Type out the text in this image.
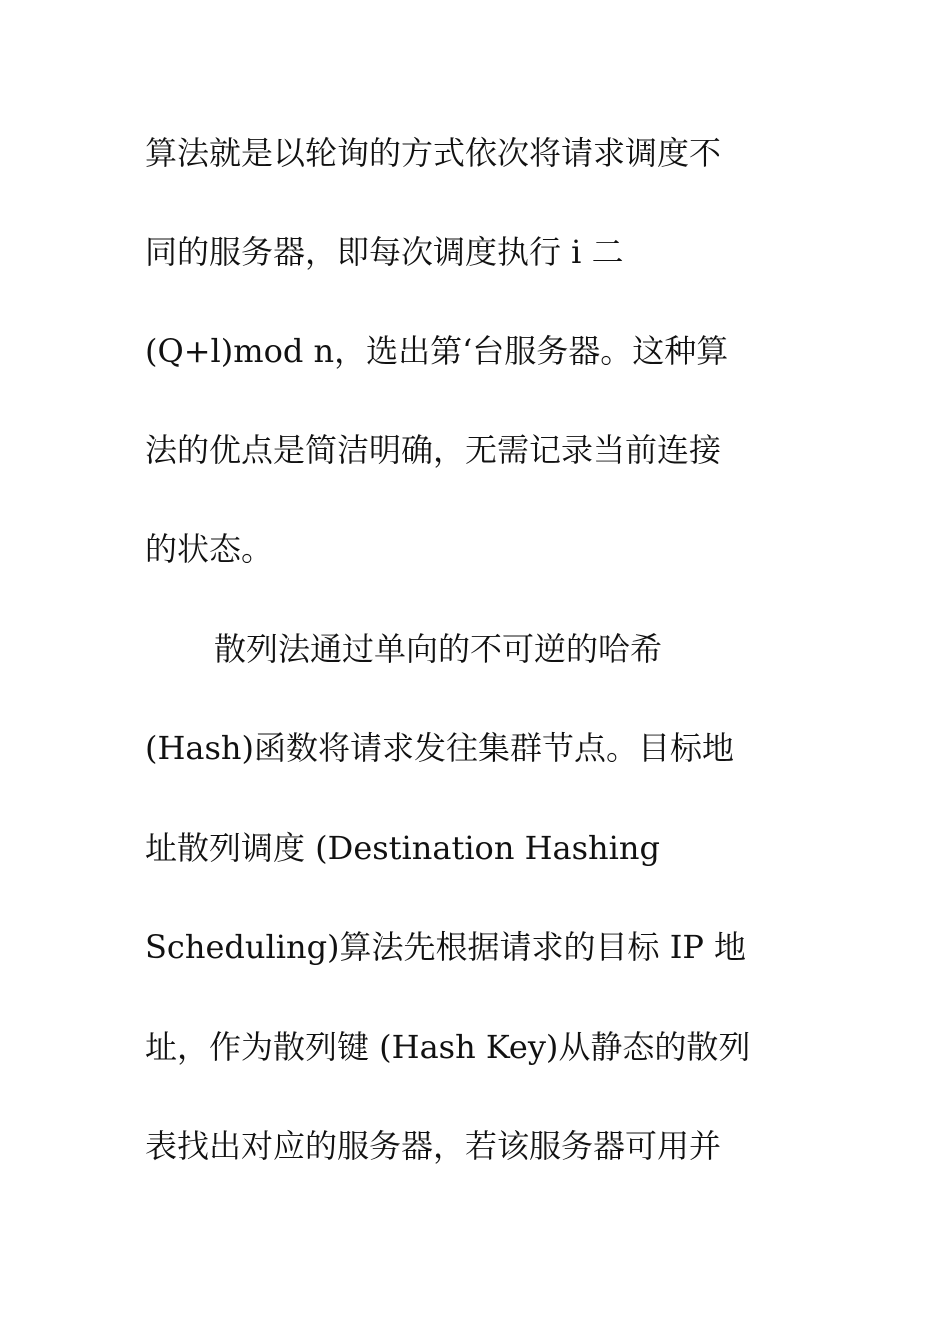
算法就是以轮询的方式依次将请求调度不
同的服务器，即每次调度执行 i 二
(Q+l)mod n，选出第‘台服务器。这种算
法的优点是简洁明确，无需记录当前连接
的状态。
散列法通过单向的不可逆的哈希
(Hash)函数将请求发往集群节点。目标地
址散列调度 (Destination Hashing
Scheduling)算法先根据请求的目标 IP 地
址，作为散列键 (Hash Key)从静态的散列
表找出对应的服务器，若该服务器可用并
